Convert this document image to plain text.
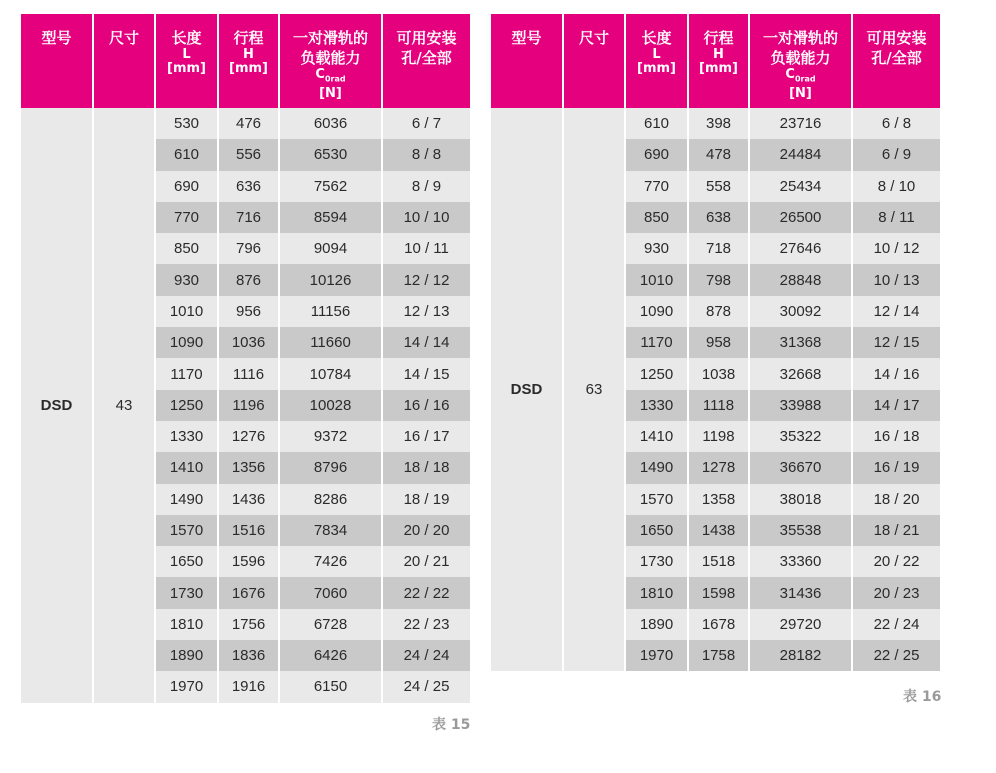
型号	尺寸	长度
L
[mm]	行程
H
[mm]	一对滑轨的
负载能力
$C_{0rad}$
[N]	可用安装
孔/全部

DSD	43	530	476	6036	6 / 7
		610	556	6530	8 / 8
		690	636	7562	8 / 9
		770	716	8594	10 / 10
		850	796	9094	10 / 11
		930	876	10126	12 / 12
		1010	956	11156	12 / 13
		1090	1036	11660	14 / 14
		1170	1116	10784	14 / 15
		1250	1196	10028	16 / 16
		1330	1276	9372	16 / 17
		1410	1356	8796	18 / 18
		1490	1436	8286	18 / 19
		1570	1516	7834	20 / 20
		1650	1596	7426	20 / 21
		1730	1676	7060	22 / 22
		1810	1756	6728	22 / 23
		1890	1836	6426	24 / 24
		1970	1916	6150	24 / 25
表 15
型号	尺寸	长度
L
[mm]	行程
H
[mm]	一对滑轨的
负载能力
$C_{0rad}$
[N]	可用安装
孔/全部

DSD	63	610	398	23716	6 / 8
		690	478	24484	6 / 9
		770	558	25434	8 / 10
		850	638	26500	8 / 11
		930	718	27646	10 / 12
		1010	798	28848	10 / 13
		1090	878	30092	12 / 14
		1170	958	31368	12 / 15
		1250	1038	32668	14 / 16
		1330	1118	33988	14 / 17
		1410	1198	35322	16 / 18
		1490	1278	36670	16 / 19
		1570	1358	38018	18 / 20
		1650	1438	35538	18 / 21
		1730	1518	33360	20 / 22
		1810	1598	31436	20 / 23
		1890	1678	29720	22 / 24
		1970	1758	28182	22 / 25
表 16
